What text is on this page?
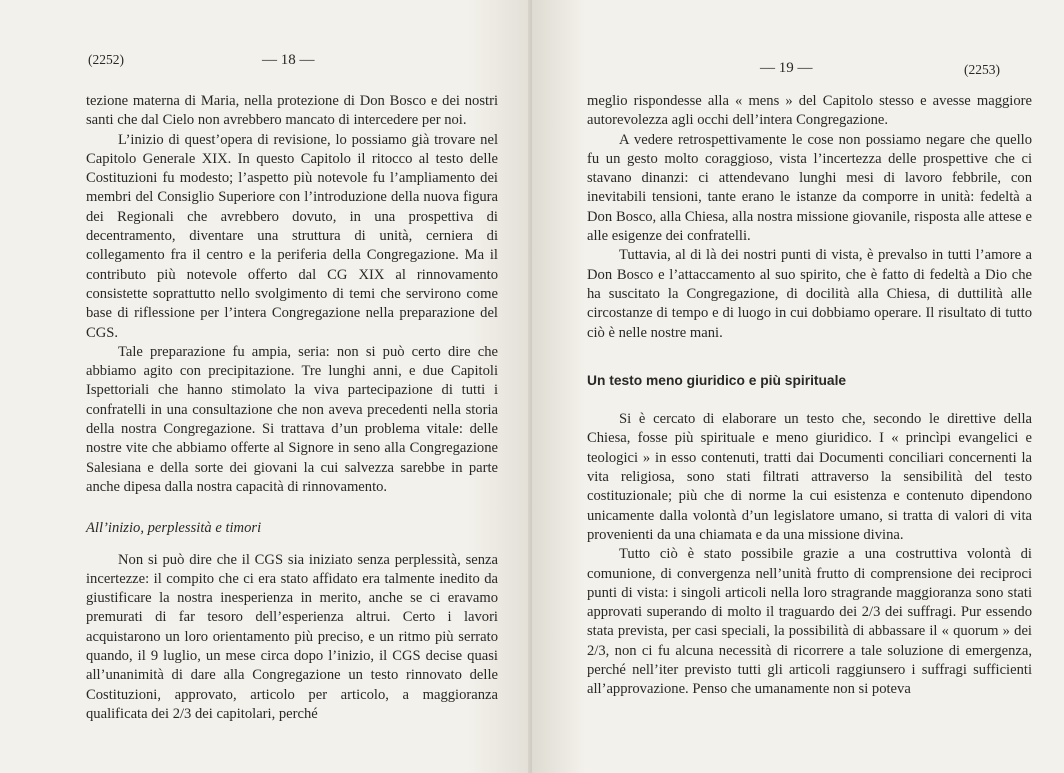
(2252)	— 18 —

tezione materna di Maria, nella protezione di Don Bosco e dei nostri santi che dal Cielo non avrebbero mancato di intercedere per noi.

L’inizio di quest’opera di revisione, lo possiamo già trovare nel Capitolo Generale XIX. In questo Capitolo il ritocco al testo delle Costituzioni fu modesto; l’aspetto più notevole fu l’ampliamento dei membri del Consiglio Superiore con l’introduzione della nuova figura dei Regionali che avrebbero dovuto, in una prospettiva di decentramento, diventare una struttura di unità, cerniera di collegamento fra il centro e la periferia della Congregazione. Ma il contributo più notevole offerto dal CG XIX al rinnovamento consistette soprattutto nello svolgimento di temi che servirono come base di riflessione per l’intera Congregazione nella preparazione del CGS.

Tale preparazione fu ampia, seria: non si può certo dire che abbiamo agito con precipitazione. Tre lunghi anni, e due Capitoli Ispettoriali che hanno stimolato la viva partecipazione di tutti i confratelli in una consultazione che non aveva precedenti nella storia della nostra Congregazione. Si trattava d’un problema vitale: delle nostre vite che abbiamo offerte al Signore in seno alla Congregazione Salesiana e della sorte dei giovani la cui salvezza sarebbe in parte anche dipesa dalla nostra capacità di rinnovamento.

All’inizio, perplessità e timori

Non si può dire che il CGS sia iniziato senza perplessità, senza incertezze: il compito che ci era stato affidato era talmente inedito da giustificare la nostra inesperienza in merito, anche se ci eravamo premurati di far tesoro dell’esperienza altrui. Certo i lavori acquistarono un loro orientamento più preciso, e un ritmo più serrato quando, il 9 luglio, un mese circa dopo l’inizio, il CGS decise quasi all’unanimità di dare alla Congregazione un testo rinnovato delle Costituzioni, approvato, articolo per articolo, a maggioranza qualificata dei 2/3 dei capitolari, perché

— 19 —	(2253)

meglio rispondesse alla « mens » del Capitolo stesso e avesse maggiore autorevolezza agli occhi dell’intera Congregazione.

A vedere retrospettivamente le cose non possiamo negare che quello fu un gesto molto coraggioso, vista l’incertezza delle prospettive che ci stavano dinanzi: ci attendevano lunghi mesi di lavoro febbrile, con inevitabili tensioni, tante erano le istanze da comporre in unità: fedeltà a Don Bosco, alla Chiesa, alla nostra missione giovanile, risposta alle attese e alle esigenze dei confratelli.

Tuttavia, al di là dei nostri punti di vista, è prevalso in tutti l’amore a Don Bosco e l’attaccamento al suo spirito, che è fatto di fedeltà a Dio che ha suscitato la Congregazione, di docilità alla Chiesa, di duttilità alle circostanze di tempo e di luogo in cui dobbiamo operare. Il risultato di tutto ciò è nelle nostre mani.

Un testo meno giuridico e più spirituale

Si è cercato di elaborare un testo che, secondo le direttive della Chiesa, fosse più spirituale e meno giuridico. I « princìpi evangelici e teologici » in esso contenuti, tratti dai Documenti conciliari concernenti la vita religiosa, sono stati filtrati attraverso la sensibilità del testo costituzionale; più che di norme la cui esistenza e contenuto dipendono unicamente dalla volontà d’un legislatore umano, si tratta di valori di vita provenienti da una chiamata e da una missione divina.

Tutto ciò è stato possibile grazie a una costruttiva volontà di comunione, di convergenza nell’unità frutto di comprensione dei reciproci punti di vista: i singoli articoli nella loro stragrande maggioranza sono stati approvati superando di molto il traguardo dei 2/3 dei suffragi. Pur essendo stata prevista, per casi speciali, la possibilità di abbassare il « quorum » dei 2/3, non ci fu alcuna necessità di ricorrere a tale soluzione di emergenza, perché nell’iter previsto tutti gli articoli raggiunsero i suffragi sufficienti all’approvazione. Penso che umanamente non si poteva
